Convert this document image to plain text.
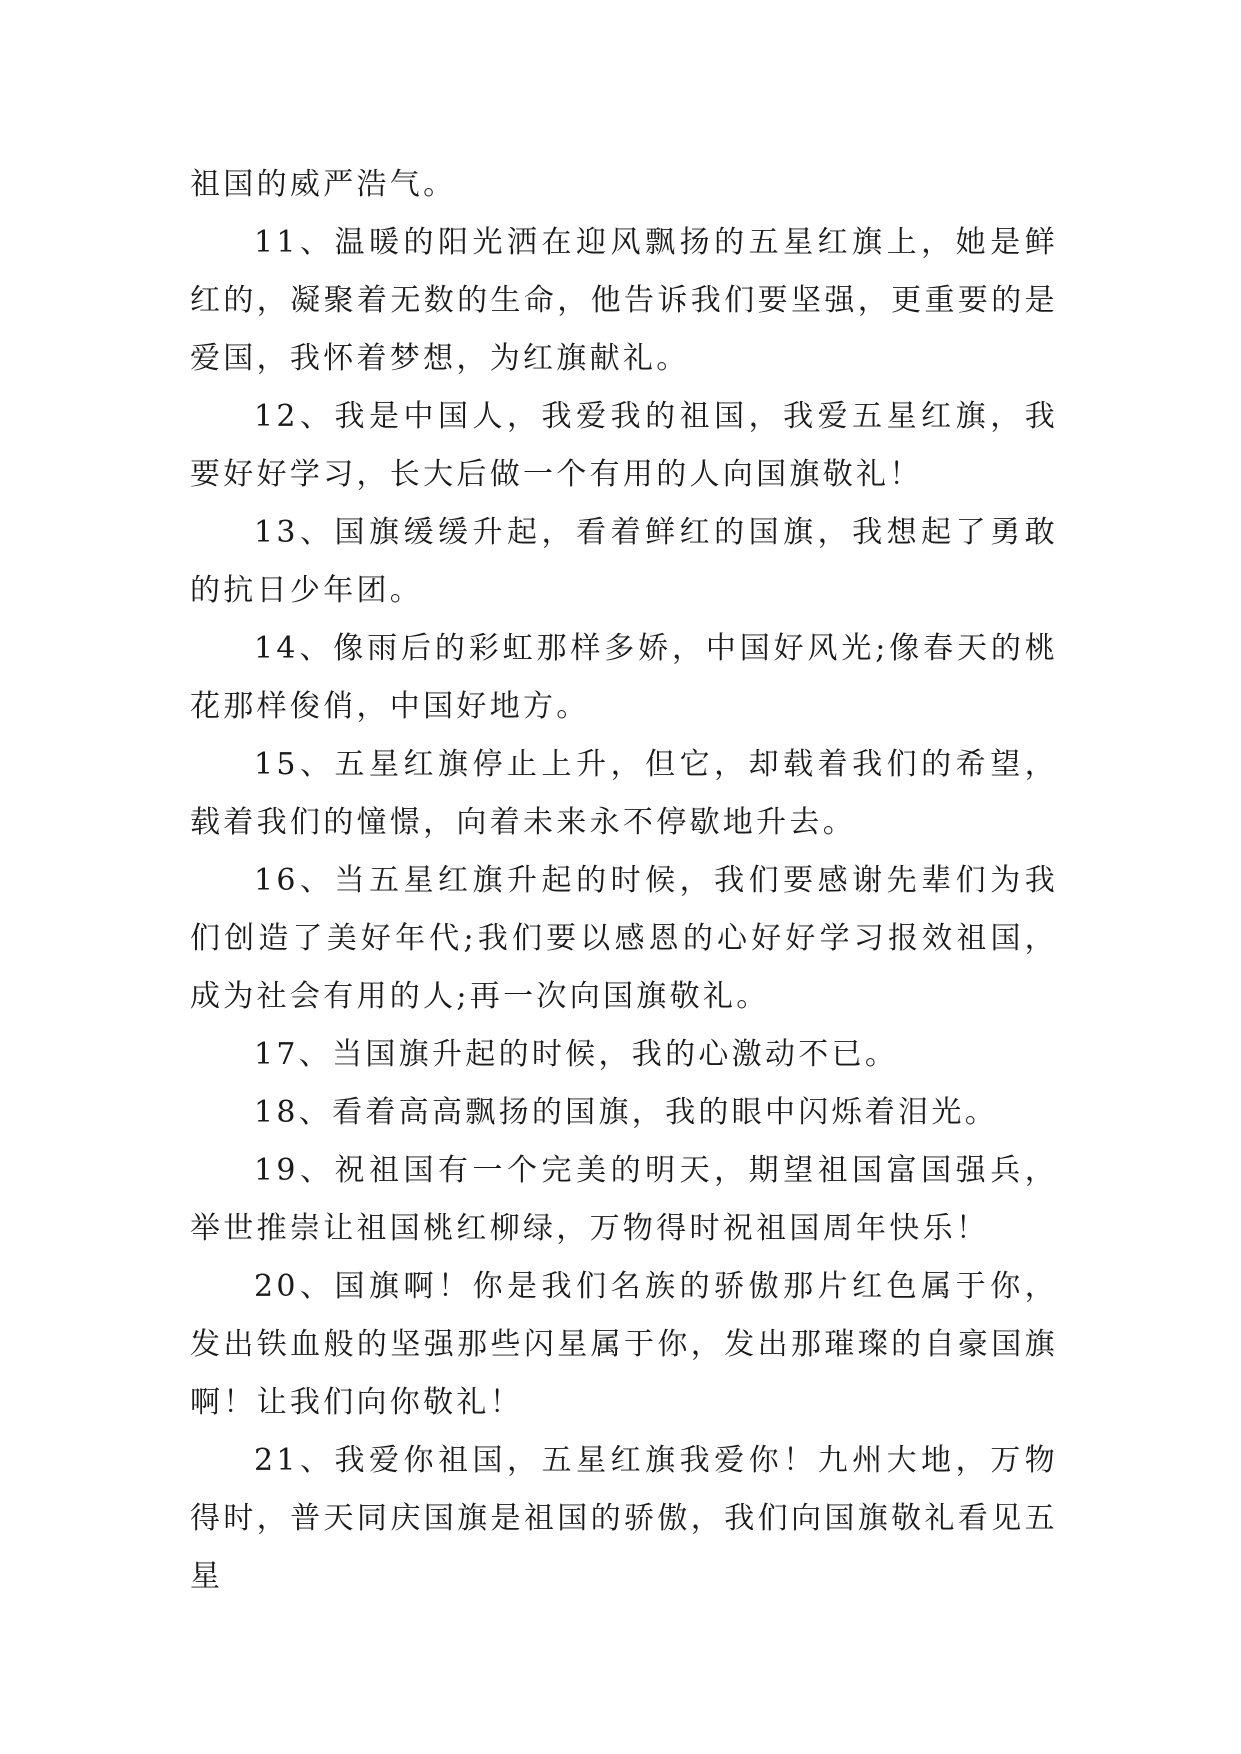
祖国的威严浩气。

11、温暖的阳光洒在迎风飘扬的五星红旗上，她是鲜红的，凝聚着无数的生命，他告诉我们要坚强，更重要的是爱国，我怀着梦想，为红旗献礼。

12、我是中国人，我爱我的祖国，我爱五星红旗，我要好好学习，长大后做一个有用的人向国旗敬礼！

13、国旗缓缓升起，看着鲜红的国旗，我想起了勇敢的抗日少年团。

14、像雨后的彩虹那样多娇，中国好风光;像春天的桃花那样俊俏，中国好地方。

15、五星红旗停止上升，但它，却载着我们的希望，载着我们的憧憬，向着未来永不停歇地升去。

16、当五星红旗升起的时候，我们要感谢先辈们为我们创造了美好年代;我们要以感恩的心好好学习报效祖国，成为社会有用的人;再一次向国旗敬礼。

17、当国旗升起的时候，我的心激动不已。

18、看着高高飘扬的国旗，我的眼中闪烁着泪光。

19、祝祖国有一个完美的明天，期望祖国富国强兵，举世推崇让祖国桃红柳绿，万物得时祝祖国周年快乐！

20、国旗啊！你是我们名族的骄傲那片红色属于你，发出铁血般的坚强那些闪星属于你，发出那璀璨的自豪国旗啊！让我们向你敬礼！

21、我爱你祖国，五星红旗我爱你！九州大地，万物得时，普天同庆国旗是祖国的骄傲，我们向国旗敬礼看见五星
